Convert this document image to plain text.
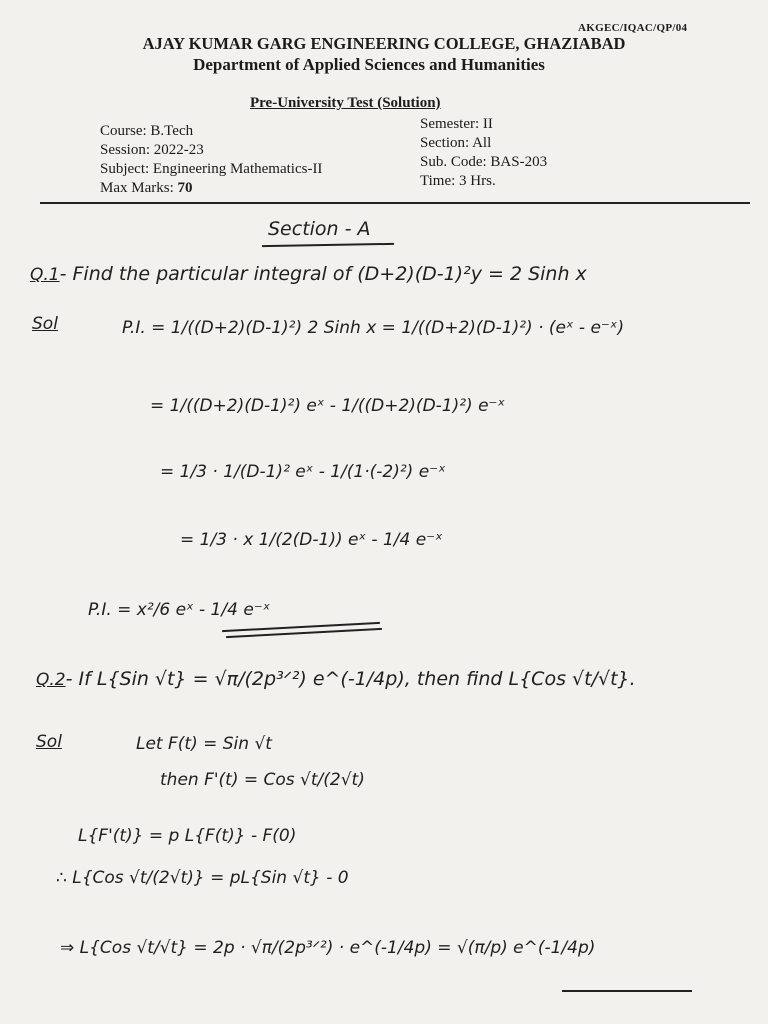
AKGEC/IQAC/QP/04
AJAY KUMAR GARG ENGINEERING COLLEGE, GHAZIABAD
Department of Applied Sciences and Humanities
Pre-University Test (Solution)
Course: B.Tech
Session: 2022-23
Subject: Engineering Mathematics-II
Max Marks: 70
Semester: II
Section: All
Sub. Code: BAS-203
Time: 3 Hrs.
Section - A
Q.1- Find the particular integral of (D+2)(D-1)²y = 2 Sinh x
Sol	P.I. = 1/((D+2)(D-1)²) 2 Sinh x = 1/((D+2)(D-1)²) · (eˣ - e⁻ˣ)
= 1/((D+2)(D-1)²) eˣ - 1/((D+2)(D-1)²) e⁻ˣ
= 1/3 · 1/(D-1)² eˣ - 1/(1·(-2)²) e⁻ˣ
= 1/3 · x 1/(2(D-1)) eˣ - 1/4 e⁻ˣ
P.I. = x²/6 eˣ - 1/4 e⁻ˣ
Q.2- If L{Sin √t} = √π/(2p³ᐟ²) e^(-1/4p), then find L{Cos √t/√t}.
Sol	Let F(t) = Sin √t
then F'(t) = Cos √t/(2√t)
L{F'(t)} = p L{F(t)} - F(0)
∴ L{Cos √t/(2√t)} = pL{Sin √t} - 0
⇒ L{Cos √t/√t} = 2p · √π/(2p³ᐟ²) · e^(-1/4p) = √(π/p) e^(-1/4p)
